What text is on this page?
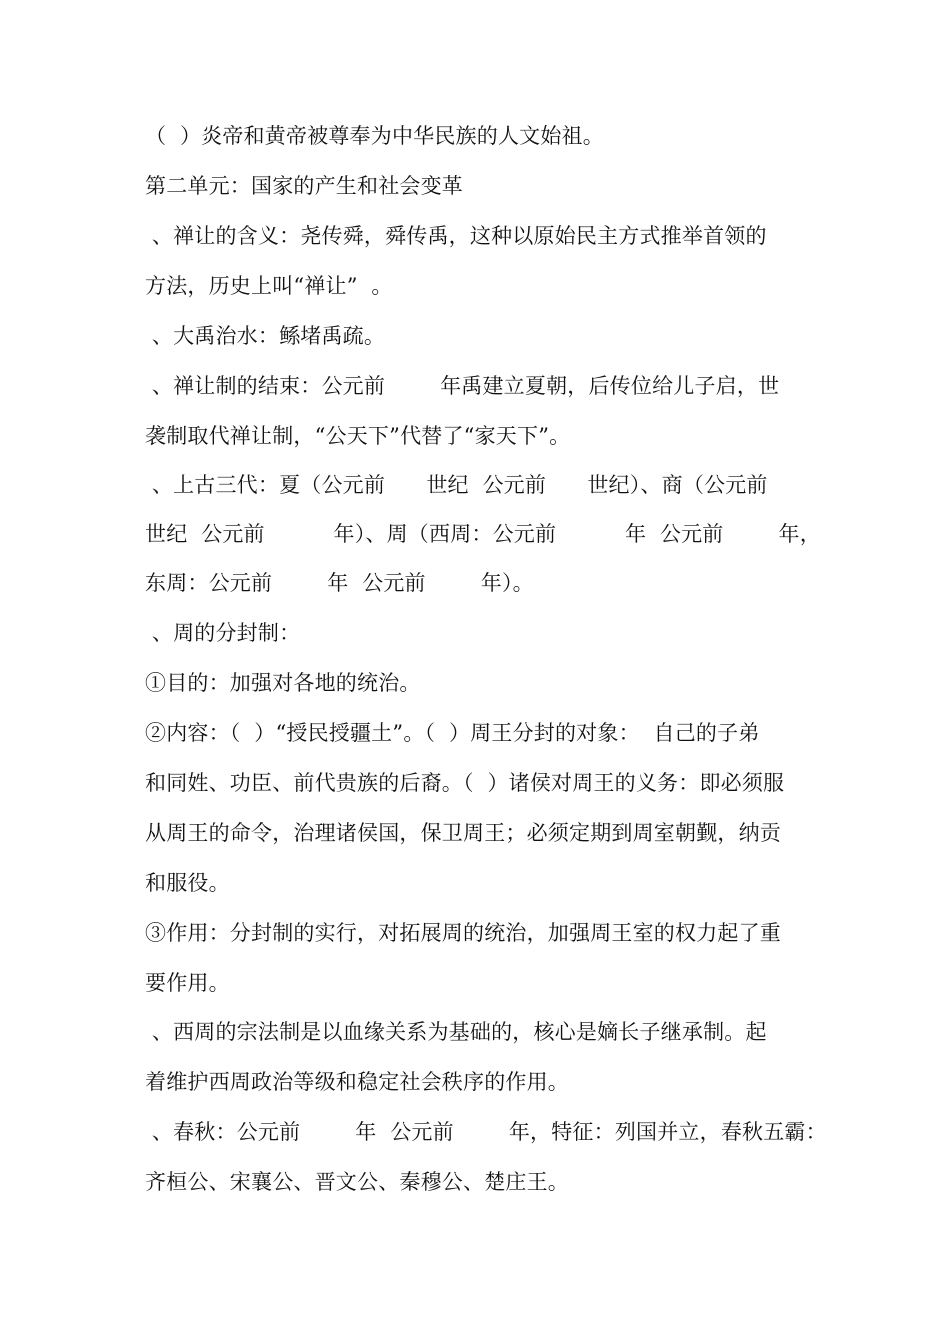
（  ）炎帝和黄帝被尊奉为中华民族的人文始祖。
第二单元：国家的产生和社会变革
、禅让的含义：尧传舜，舜传禹，这种以原始民主方式推举首领的
方法，历史上叫“禅让”  。
、大禹治水：鲧堵禹疏。
、禅让制的结束：公元前        年禹建立夏朝，后传位给儿子启，世
袭制取代禅让制，“公天下”代替了“家天下”。
、上古三代：夏（公元前      世纪  公元前      世纪）、商（公元前
世纪  公元前          年）、周（西周：公元前          年  公元前        年，
东周：公元前        年  公元前        年）。
、周的分封制：
①目的：加强对各地的统治。
②内容：（  ）“授民授疆土”。（  ）周王分封的对象：  自己的子弟
和同姓、功臣、前代贵族的后裔。（  ）诸侯对周王的义务：即必须服
从周王的命令，治理诸侯国，保卫周王；必须定期到周室朝觐，纳贡
和服役。
③作用：分封制的实行，对拓展周的统治，加强周王室的权力起了重
要作用。
、西周的宗法制是以血缘关系为基础的，核心是嫡长子继承制。起
着维护西周政治等级和稳定社会秩序的作用。
、春秋：公元前        年  公元前        年，特征：列国并立，春秋五霸：
齐桓公、宋襄公、晋文公、秦穆公、楚庄王。
